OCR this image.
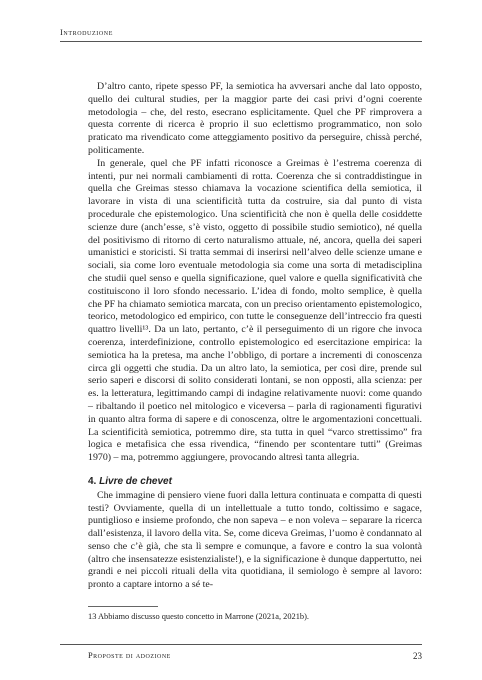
Introduzione

D’altro canto, ripete spesso PF, la semiotica ha avversari anche dal lato opposto, quello dei cultural studies, per la maggior parte dei casi privi d’ogni coerente metodologia – che, del resto, esecrano esplicitamente. Quel che PF rimprovera a questa corrente di ricerca è proprio il suo eclettismo programmatico, non solo praticato ma rivendicato come atteggiamento positivo da perseguire, chissà perché, politicamente.

In generale, quel che PF infatti riconosce a Greimas è l’estrema coerenza di intenti, pur nei normali cambiamenti di rotta. Coerenza che si contraddistingue in quella che Greimas stesso chiamava la vocazione scientifica della semiotica, il lavorare in vista di una scientificità tutta da costruire, sia dal punto di vista procedurale che epistemologico. Una scientificità che non è quella delle cosiddette scienze dure (anch’esse, s’è visto, oggetto di possibile studio semiotico), né quella del positivismo di ritorno di certo naturalismo attuale, né, ancora, quella dei saperi umanistici e storicisti. Si tratta semmai di inserirsi nell’alveo delle scienze umane e sociali, sia come loro eventuale metodologia sia come una sorta di metadisciplina che studii quel senso e quella significazione, quel valore e quella significatività che costituiscono il loro sfondo necessario. L’idea di fondo, molto semplice, è quella che PF ha chiamato semiotica marcata, con un preciso orientamento epistemologico, teorico, metodologico ed empirico, con tutte le conseguenze dell’intreccio fra questi quattro livelli¹³. Da un lato, pertanto, c’è il perseguimento di un rigore che invoca coerenza, interdefinizione, controllo epistemologico ed esercitazione empirica: la semiotica ha la pretesa, ma anche l’obbligo, di portare a incrementi di conoscenza circa gli oggetti che studia. Da un altro lato, la semiotica, per così dire, prende sul serio saperi e discorsi di solito considerati lontani, se non opposti, alla scienza: per es. la letteratura, legittimando campi di indagine relativamente nuovi: come quando – ribaltando il poetico nel mitologico e viceversa – parla di ragionamenti figurativi in quanto altra forma di sapere e di conoscenza, oltre le argomentazioni concettuali. La scientificità semiotica, potremmo dire, sta tutta in quel “varco strettissimo” fra logica e metafisica che essa rivendica, “finendo per scontentare tutti” (Greimas 1970) – ma, potremmo aggiungere, provocando altresì tanta allegria.

4. Livre de chevet

Che immagine di pensiero viene fuori dalla lettura continuata e compatta di questi testi? Ovviamente, quella di un intellettuale a tutto tondo, coltissimo e sagace, puntiglioso e insieme profondo, che non sapeva – e non voleva – separare la ricerca dall’esistenza, il lavoro della vita. Se, come diceva Greimas, l’uomo è condannato al senso che c’è già, che sta lì sempre e comunque, a favore e contro la sua volontà (altro che insensatezze esistenzialiste!), e la significazione è dunque dappertutto, nei grandi e nei piccoli rituali della vita quotidiana, il semiologo è sempre al lavoro: pronto a captare intorno a sé te-

13 Abbiamo discusso questo concetto in Marrone (2021a, 2021b).
Proposte di adozione	23
